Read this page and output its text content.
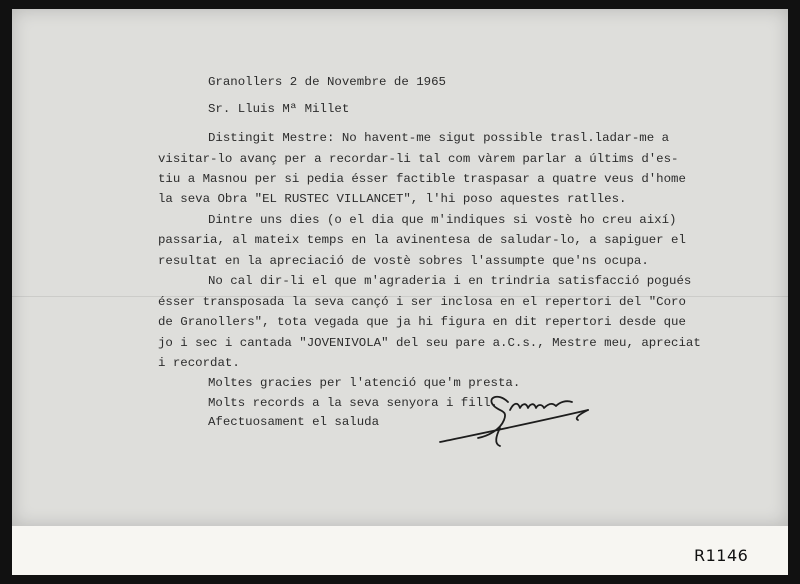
Granollers 2 de Novembre de 1965
Sr. Lluis Mª Millet
Distingit Mestre: No havent-me sigut possible trasl.ladar-me a
visitar-lo avanç per a recordar-li tal com vàrem parlar a últims d'es-
tiu a Masnou per si pedia ésser factible traspasar a quatre veus d'home
la seva Obra "EL RUSTEC VILLANCET", l'hi poso aquestes ratlles.
Dintre uns dies (o el dia que m'indiques si vostè ho creu així)
passaria, al mateix temps en la avinentesa de saludar-lo, a sapiguer el
resultat en la apreciació de vostè sobres l'assumpte que'ns ocupa.
No cal dir-li el que m'agraderia i en trindria satisfacció pogués
ésser transposada la seva cançó i ser inclosa en el repertori del "Coro
de Granollers", tota vegada que ja hi figura en dit repertori desde que
jo i sec i cantada "JOVENIVOLA" del seu pare a.C.s., Mestre meu, apreciat
i recordat.
Moltes gracies per l'atenció que'm presta.
Molts records a la seva senyora i fill.
Afectuosament el saluda
R1146
